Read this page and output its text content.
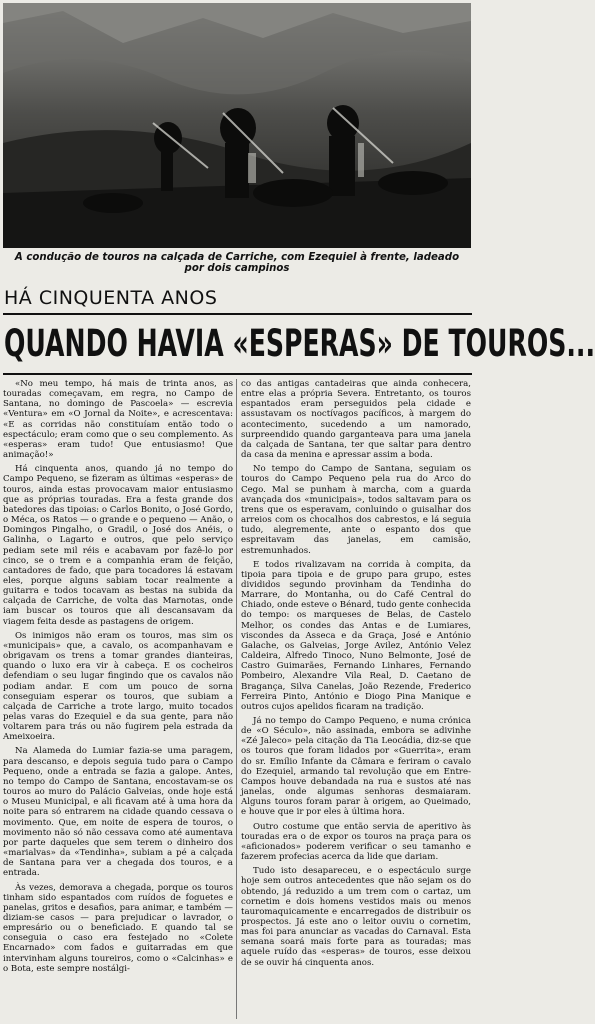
A condução de touros na calçada de Carriche, com Ezequiel à frente, ladeado por dois campinos
HÁ CINQUENTA ANOS
QUANDO HAVIA «ESPERAS» DE TOUROS...

«No meu tempo, há mais de trinta anos, as touradas começavam, em regra, no Campo de Santana, no domingo de Pascoela» — escrevia «Ventura» em «O Jornal da Noite», e acrescentava: «E as corridas não constituíam então todo o espectáculo; eram como que o seu complemento. As «esperas» eram tudo! Que entusiasmo! Que animação!»

Há cinquenta anos, quando já no tempo do Campo Pequeno, se fizeram as últimas «esperas» de touros, ainda estas provocavam maior entusiasmo que as próprias touradas. Era a festa grande dos batedores das tipoias: o Carlos Bonito, o José Gordo, o Méca, os Ratos — o grande e o pequeno — Anão, o Domingos Pingalho, o Gradil, o José dos Anéis, o Galinha, o Lagarto e outros, que pelo serviço pediam sete mil réis e acabavam por fazê-lo por cinco, se o trem e a companhia eram de feição, cantadores de fado, que para tocadores lá estavam eles, porque alguns sabiam tocar realmente a guitarra e todos tocavam as bestas na subida da calçada de Carriche, de volta das Marnotas, onde iam buscar os touros que ali descansavam da viagem feita desde as pastagens de origem.

Os inimigos não eram os touros, mas sim os «municipais» que, a cavalo, os acompanhavam e obrigavam os trens a tomar grandes dianteiras, quando o luxo era vir à cabeça. E os cocheiros defendiam o seu lugar fingindo que os cavalos não podiam andar. E com um pouco de sorna conseguiam esperar os touros, que subiam a calçada de Carriche a trote largo, muito tocados pelas varas do Ezequiel e da sua gente, para não voltarem para trás ou não fugirem pela estrada da Ameixoeira.

Na Alameda do Lumiar fazia-se uma paragem, para descanso, e depois seguia tudo para o Campo Pequeno, onde a entrada se fazia a galope. Antes, no tempo do Campo de Santana, encostavam-se os touros ao muro do Palácio Galveias, onde hoje está o Museu Municipal, e ali ficavam até à uma hora da noite para só entrarem na cidade quando cessava o movimento. Que, em noite de espera de touros, o movimento não só não cessava como até aumentava por parte daqueles que sem terem o dinheiro dos «marialvas» da «Tendinha», subiam a pé a calçada de Santana para ver a chegada dos touros, e a entrada.

Às vezes, demorava a chegada, porque os touros tinham sido espantados com ruídos de foguetes e panelas, gritos e desafios, para animar, e também — diziam-se casos — para prejudicar o lavrador, o empresário ou o beneficiado. E quando tal se conseguia o caso era festejado no «Colete Encarnado» com fados e guitarradas em que intervinham alguns toureiros, como o «Calcinhas» e o Bota, este sempre nostálgi-

co das antigas cantadeiras que ainda conhecera, entre elas a própria Severa. Entretanto, os touros espantados eram perseguidos pela cidade e assustavam os noctívagos pacíficos, à margem do acontecimento, sucedendo a um namorado, surpreendido quando garganteava para uma janela da calçada de Santana, ter que saltar para dentro da casa da menina e apressar assim a boda.

No tempo do Campo de Santana, seguiam os touros do Campo Pequeno pela rua do Arco do Cego. Mal se punham à marcha, com a guarda avançada dos «municipais», todos saltavam para os trens que os esperavam, conluindo o guisalhar dos arreios com os chocalhos dos cabrestos, e lá seguia tudo, alegremente, ante o espanto dos que espreitavam das janelas, em camisão, estremunhados.

E todos rivalizavam na corrida à compita, da tipoia para tipoia e de grupo para grupo, estes divididos segundo provinham da Tendinha do Marrare, do Montanha, ou do Café Central do Chiado, onde esteve o Bénard, tudo gente conhecida do tempo: os marqueses de Belas, de Castelo Melhor, os condes das Antas e de Lumiares, viscondes da Asseca e da Graça, José e António Galache, os Galveias, Jorge Avilez, António Velez Caldeira, Alfredo Tinoco, Nuno Belmonte, José de Castro Guimarães, Fernando Linhares, Fernando Pombeiro, Alexandre Vila Real, D. Caetano de Bragança, Silva Canelas, João Rezende, Frederico Ferreira Pinto, António e Diogo Pina Manique e outros cujos apelidos ficaram na tradição.

Já no tempo do Campo Pequeno, e numa crónica de «O Século», não assinada, embora se adivinhe «Zé Jaleco» pela citação da Tia Leocádia, diz-se que os touros que foram lidados por «Guerrita», eram do sr. Emílio Infante da Câmara e feriram o cavalo do Ezequiel, armando tal revolução que em Entre-Campos houve debandada na rua e sustos até nas janelas, onde algumas senhoras desmaiaram. Alguns touros foram parar à origem, ao Queimado, e houve que ir por eles à última hora.

Outro costume que então servia de aperitivo às touradas era o de expor os touros na praça para os «aficionados» poderem verificar o seu tamanho e fazerem profecias acerca da lide que dariam.

Tudo isto desapareceu, e o espectáculo surge hoje sem outros antecedentes que não sejam os do obtendo, já reduzido a um trem com o cartaz, um cornetim e dois homens vestidos mais ou menos tauromaquicamente e encarregados de distribuir os prospectos. Já este ano o leitor ouviu o cornetim, mas foi para anunciar as vacadas do Carnaval. Esta semana soará mais forte para as touradas; mas aquele ruído das «esperas» de touros, esse deixou de se ouvir há cinquenta anos.
